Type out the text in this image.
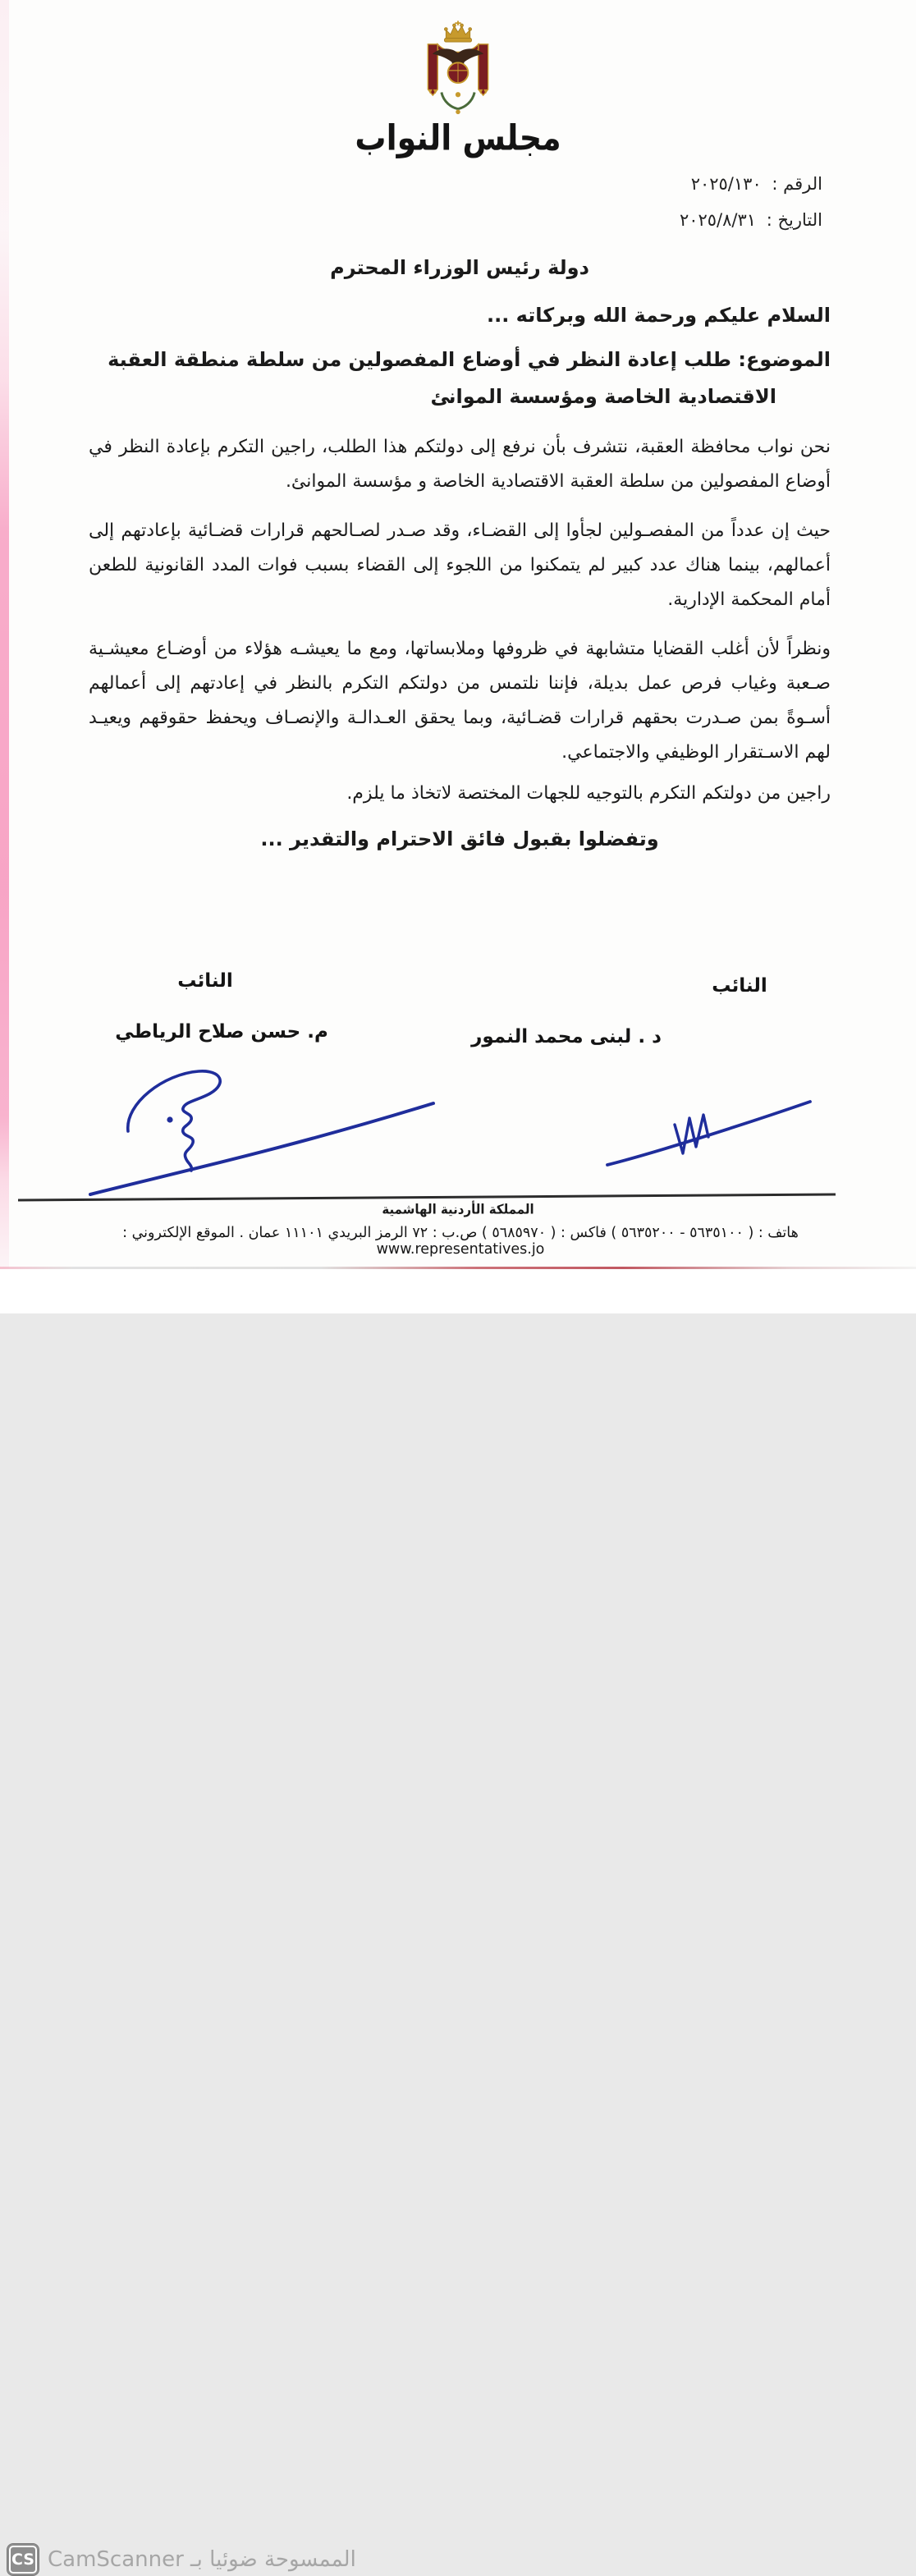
مجلس النواب
الرقم : ٢٠٢٥/١٣٠
التاريخ : ٢٠٢٥/٨/٣١
دولة رئيس الوزراء المحترم
السلام عليكم ورحمة الله وبركاته ...
الموضوع: طلب إعادة النظر في أوضاع المفصولين من سلطة منطقة العقبة
الاقتصادية الخاصة ومؤسسة الموانئ
نحن نواب محافظة العقبة، نتشرف بأن نرفع إلى دولتكم هذا الطلب، راجين التكرم بإعادة النظر في أوضاع المفصولين من سلطة العقبة الاقتصادية الخاصة و مؤسسة الموانئ.
حيث إن عدداً من المفصـولين لجأوا إلى القضـاء، وقد صـدر لصـالحهم قرارات قضـائية بإعادتهم إلى أعمالهم، بينما هناك عدد كبير لم يتمكنوا من اللجوء إلى القضاء بسبب فوات المدد القانونية للطعن أمام المحكمة الإدارية.
ونظراً لأن أغلب القضايا متشابهة في ظروفها وملابساتها، ومع ما يعيشـه هؤلاء من أوضـاع معيشـية صـعبة وغياب فرص عمل بديلة، فإننا نلتمس من دولتكم التكرم بالنظر في إعادتهم إلى أعمالهم أسـوةً بمن صـدرت بحقهم قرارات قضـائية، وبما يحقق العـدالـة والإنصـاف ويحفظ حقوقهم ويعيـد لهم الاسـتقرار الوظيفي والاجتماعي.
راجين من دولتكم التكرم بالتوجيه للجهات المختصة لاتخاذ ما يلزم.
وتفضلوا بقبول فائق الاحترام والتقدير ...
النائب
د . لبنى محمد النمور
النائب
م. حسن صلاح الرياطي
المملكة الأردنية الهاشمية
هاتف : ( ٥٦٣٥١٠٠ - ٥٦٣٥٢٠٠ ) فاكس : ( ٥٦٨٥٩٧٠ ) ص.ب : ٧٢ الرمز البريدي ١١١٠١ عمان . الموقع الإلكتروني : www.representatives.jo
CS الممسوحة ضوئيا بـ CamScanner
